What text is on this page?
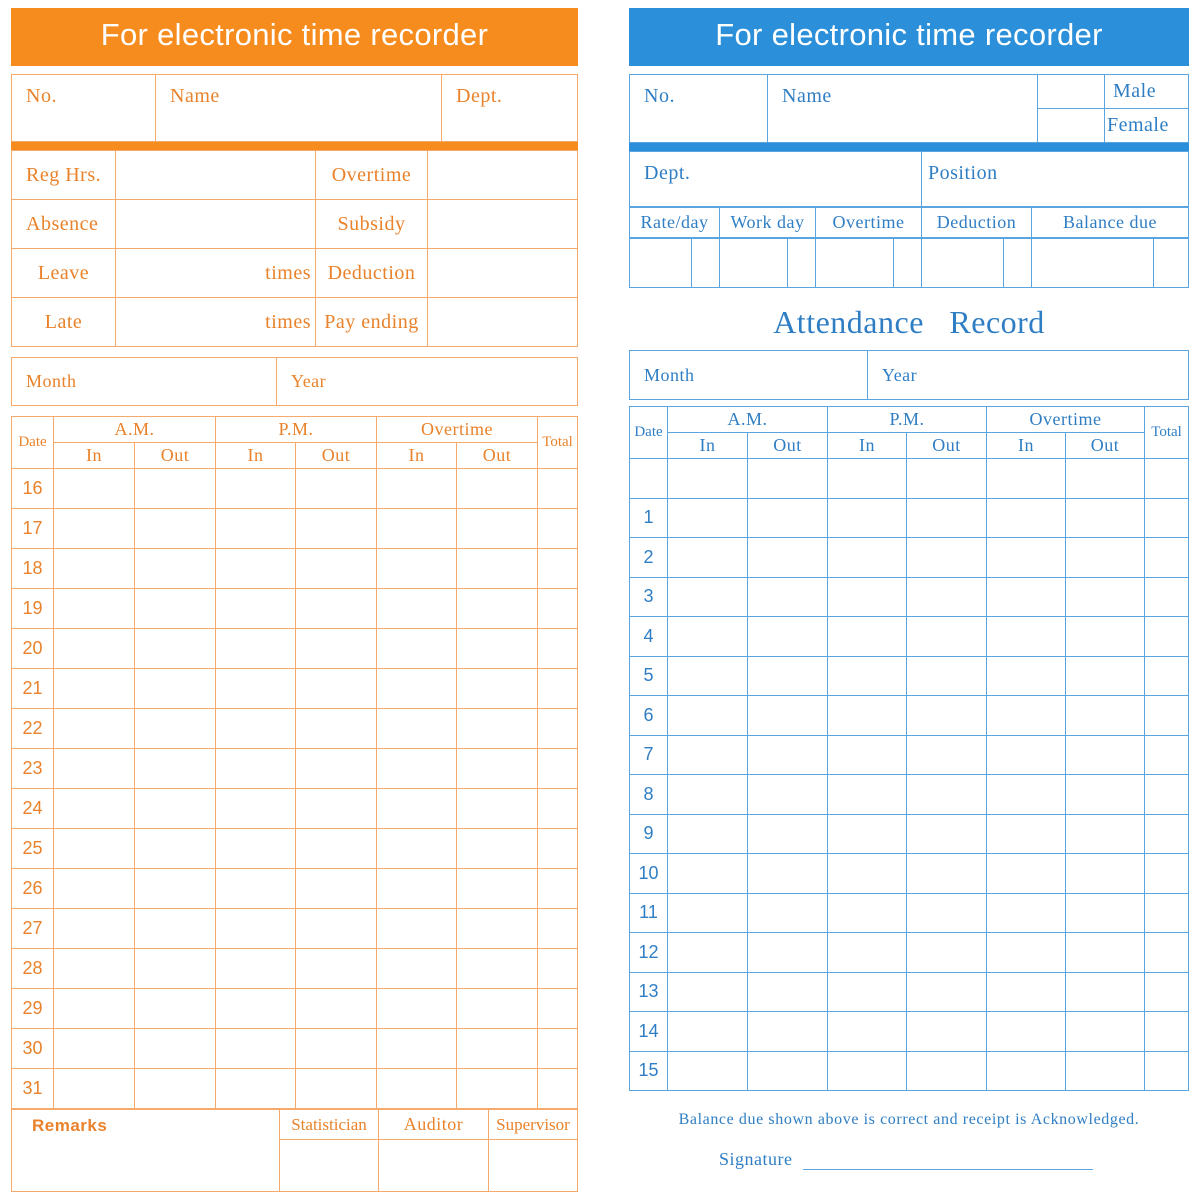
For electronic time recorder
No.	Name	Dept.
Reg Hrs.		Overtime	
Absence		Subsidy	
Leave	times	Deduction	
Late	times	Pay ending	
Month	Year
Date	A.M.		P.M.		Overtime		Total
	In	Out	In	Out	In	Out	
16							
17							
18							
19							
20							
21							
22							
23							
24							
25							
26							
27							
28							
29							
30							
31							
Remarks	Statistician	Auditor	Supervisor

For electronic time recorder
No.	Name		Male
			Female
Dept.	Position
Rate/day	Work day	Overtime	Deduction	Balance due

Attendance   Record
Month	Year
Date	A.M.		P.M.		Overtime		Total
	In	Out	In	Out	In	Out	

1							
2							
3							
4							
5							
6							
7							
8							
9							
10							
11							
12							
13							
14							
15							
Balance due shown above is correct and receipt is Acknowledged.
Signature
